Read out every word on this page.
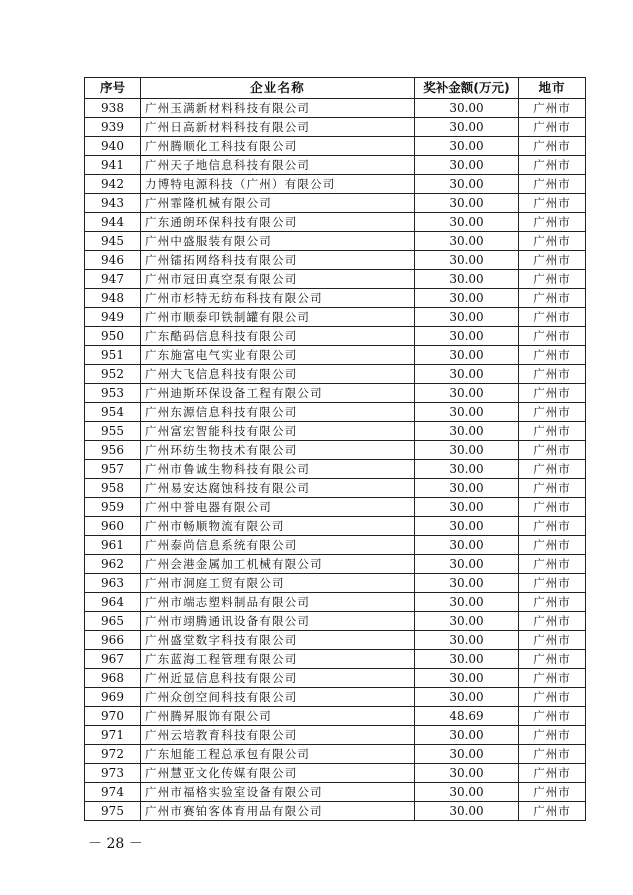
序号	企业名称	奖补金额(万元)	地市
938	广州玉满新材料科技有限公司	30.00	广州市
939	广州日高新材料科技有限公司	30.00	广州市
940	广州腾顺化工科技有限公司	30.00	广州市
941	广州天子地信息科技有限公司	30.00	广州市
942	力博特电源科技（广州）有限公司	30.00	广州市
943	广州霏隆机械有限公司	30.00	广州市
944	广东通朗环保科技有限公司	30.00	广州市
945	广州中盛服装有限公司	30.00	广州市
946	广州镭拓网络科技有限公司	30.00	广州市
947	广州市冠田真空泵有限公司	30.00	广州市
948	广州市杉特无纺布科技有限公司	30.00	广州市
949	广州市顺泰印铁制罐有限公司	30.00	广州市
950	广东酷码信息科技有限公司	30.00	广州市
951	广东施富电气实业有限公司	30.00	广州市
952	广州大飞信息科技有限公司	30.00	广州市
953	广州迪斯环保设备工程有限公司	30.00	广州市
954	广州东源信息科技有限公司	30.00	广州市
955	广州富宏智能科技有限公司	30.00	广州市
956	广州环纺生物技术有限公司	30.00	广州市
957	广州市鲁诚生物科技有限公司	30.00	广州市
958	广州易安达腐蚀科技有限公司	30.00	广州市
959	广州中誉电器有限公司	30.00	广州市
960	广州市畅顺物流有限公司	30.00	广州市
961	广州泰尚信息系统有限公司	30.00	广州市
962	广州会港金属加工机械有限公司	30.00	广州市
963	广州市洞庭工贸有限公司	30.00	广州市
964	广州市端志塑料制品有限公司	30.00	广州市
965	广州市翊腾通讯设备有限公司	30.00	广州市
966	广州盛堂数字科技有限公司	30.00	广州市
967	广东蓝海工程管理有限公司	30.00	广州市
968	广州近显信息科技有限公司	30.00	广州市
969	广州众创空间科技有限公司	30.00	广州市
970	广州腾昇服饰有限公司	48.69	广州市
971	广州云培教育科技有限公司	30.00	广州市
972	广东旭能工程总承包有限公司	30.00	广州市
973	广州慧亚文化传媒有限公司	30.00	广州市
974	广州市福格实验室设备有限公司	30.00	广州市
975	广州市赛铂客体育用品有限公司	30.00	广州市
－ 28 －
